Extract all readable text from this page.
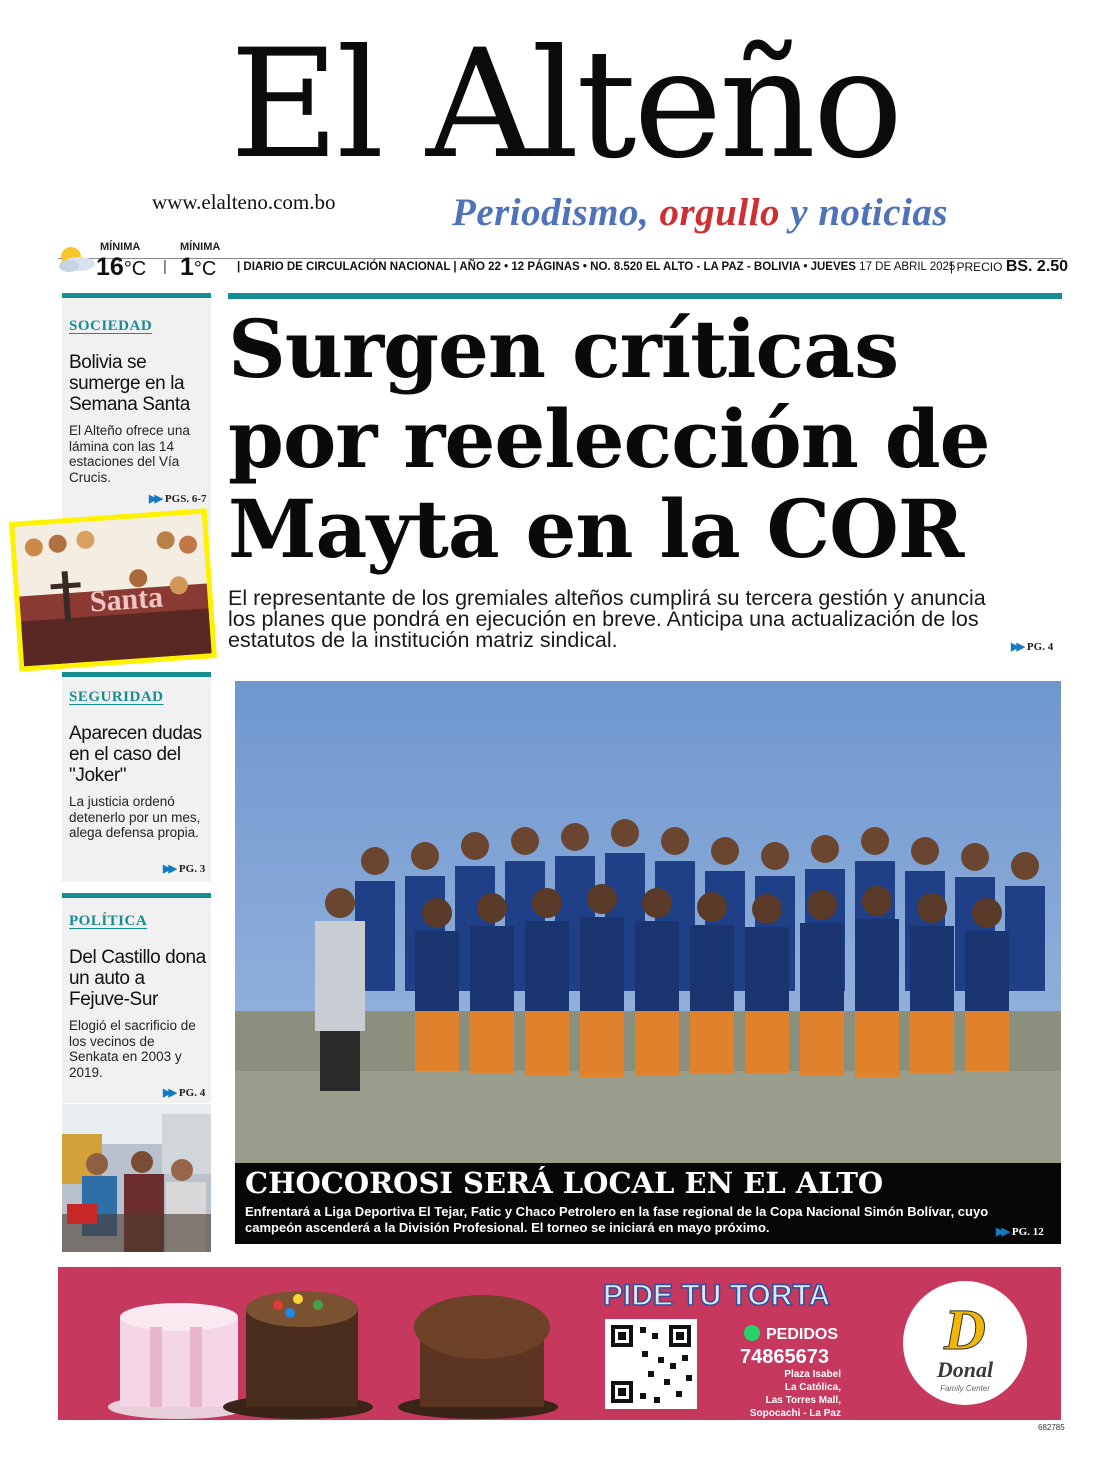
El Alteño
www.elalteno.com.bo	Periodismo, orgullo y noticias
MÍNIMA
16°C |
MÍNIMA
1°C | DIARIO DE CIRCULACIÓN NACIONAL | AÑO 22 • 12 PÁGINAS • NO. 8.520 EL ALTO - LA PAZ - BOLIVIA • JUEVES 17 DE ABRIL 2025
| PRECIO BS. 2.50
SOCIEDAD
Bolivia se sumerge en la Semana Santa
El Alteño ofrece una lámina con las 14 estaciones del Vía Crucis.
▶▶ PGS. 6-7
Santa
SEGURIDAD
Aparecen dudas en el caso del "Joker"
La justicia ordenó detenerlo por un mes, alega defensa propia.
▶▶ PG. 3
POLÍTICA
Del Castillo dona un auto a Fejuve-Sur
Elogió el sacrificio de los vecinos de Senkata en 2003 y 2019.
▶▶ PG. 4
Surgen críticas por reelección de Mayta en la COR
El representante de los gremiales alteños cumplirá su tercera gestión y anuncia los planes que pondrá en ejecución en breve. Anticipa una actualización de los estatutos de la institución matriz sindical.	▶▶ PG. 4
CHOCOROSI SERÁ LOCAL EN EL ALTO
Enfrentará a Liga Deportiva El Tejar, Fatic y Chaco Petrolero en la fase regional de la Copa Nacional Simón Bolívar, cuyo campeón ascenderá a la División Profesional. El torneo se iniciará en mayo próximo.	▶▶ PG. 12
PIDE TU TORTA
PEDIDOS
74865673
Plaza Isabel
La Católica,
Las Torres Mall,
Sopocachi - La Paz
D
Donal
Family Center
682785
